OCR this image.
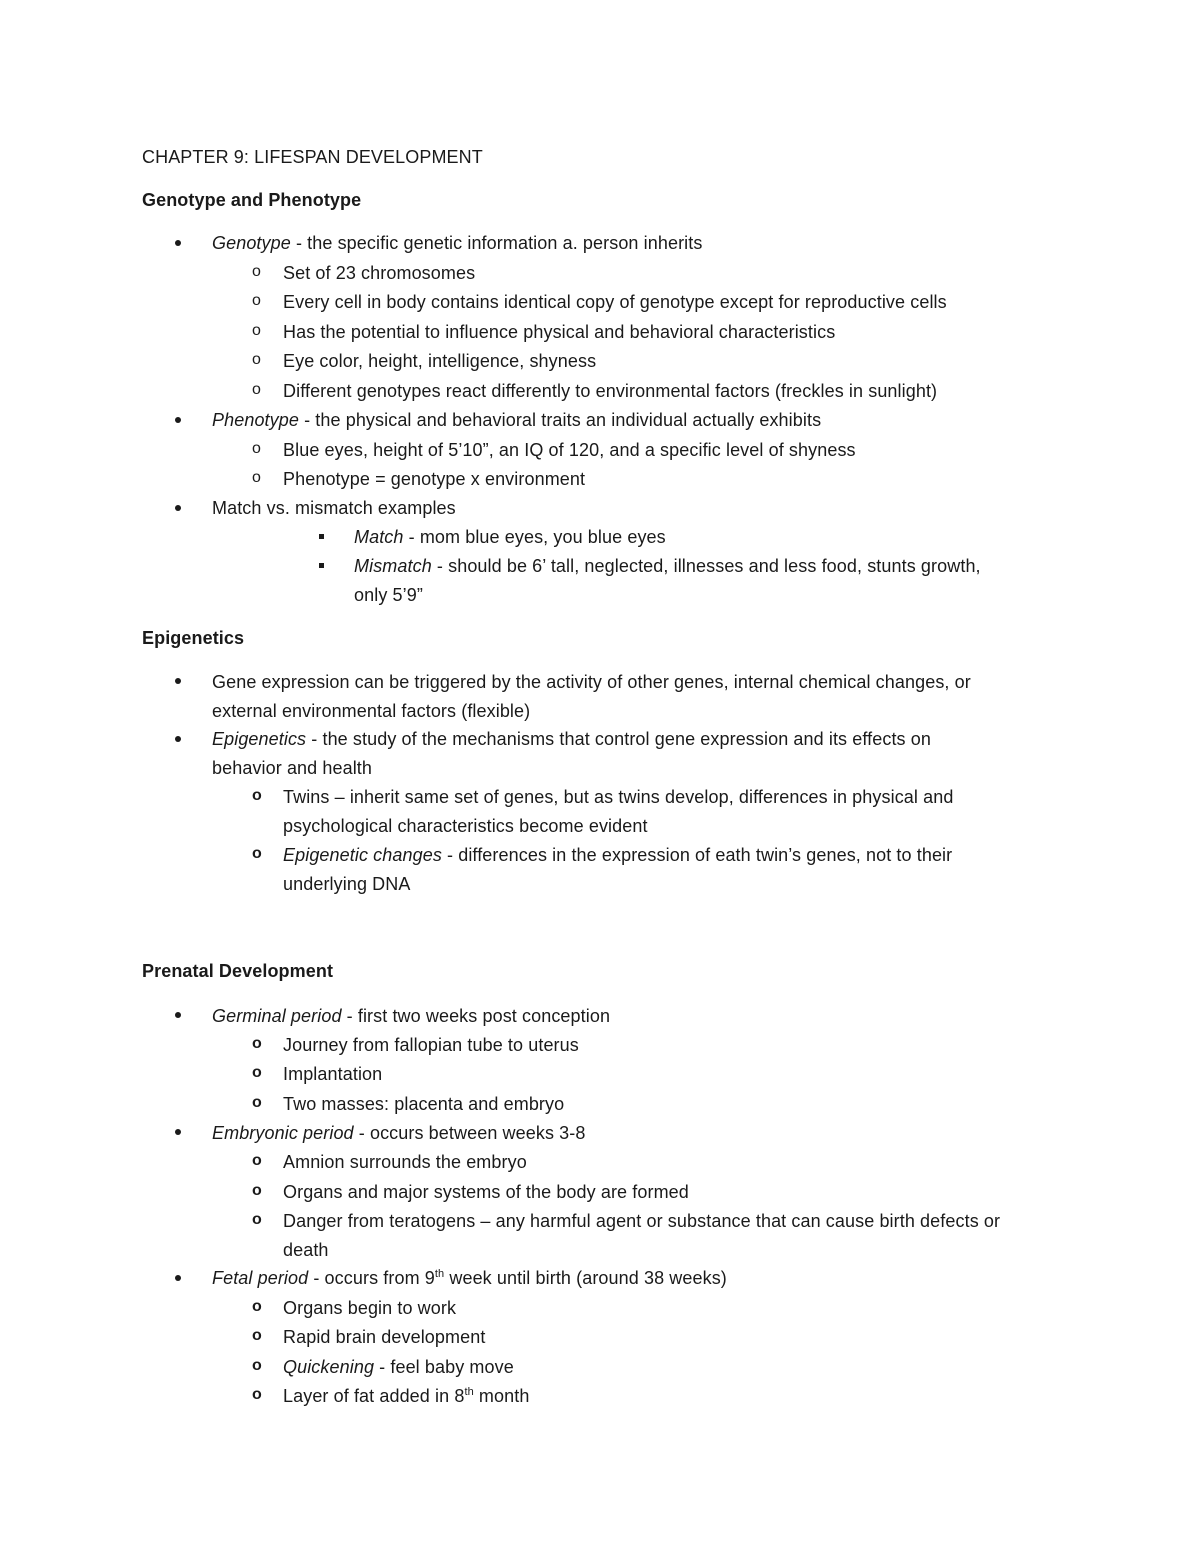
CHAPTER 9: LIFESPAN DEVELOPMENT
Genotype and Phenotype
Genotype - the specific genetic information a. person inherits
o Set of 23 chromosomes
o Every cell in body contains identical copy of genotype except for reproductive cells
o Has the potential to influence physical and behavioral characteristics
o Eye color, height, intelligence, shyness
o Different genotypes react differently to environmental factors (freckles in sunlight)
Phenotype - the physical and behavioral traits an individual actually exhibits
o Blue eyes, height of 5’10”, an IQ of 120, and a specific level of shyness
o Phenotype = genotype x environment
Match vs. mismatch examples
Match - mom blue eyes, you blue eyes
Mismatch - should be 6’ tall, neglected, illnesses and less food, stunts growth,
only 5’9”
Epigenetics
Gene expression can be triggered by the activity of other genes, internal chemical changes, or
external environmental factors (flexible)
Epigenetics - the study of the mechanisms that control gene expression and its effects on
behavior and health
o Twins – inherit same set of genes, but as twins develop, differences in physical and
psychological characteristics become evident
o Epigenetic changes - differences in the expression of eath twin’s genes, not to their
underlying DNA
Prenatal Development
Germinal period - first two weeks post conception
o Journey from fallopian tube to uterus
o Implantation
o Two masses: placenta and embryo
Embryonic period - occurs between weeks 3-8
o Amnion surrounds the embryo
o Organs and major systems of the body are formed
o Danger from teratogens – any harmful agent or substance that can cause birth defects or
death
Fetal period - occurs from 9th week until birth (around 38 weeks)
o Organs begin to work
o Rapid brain development
o Quickening - feel baby move
o Layer of fat added in 8th month
